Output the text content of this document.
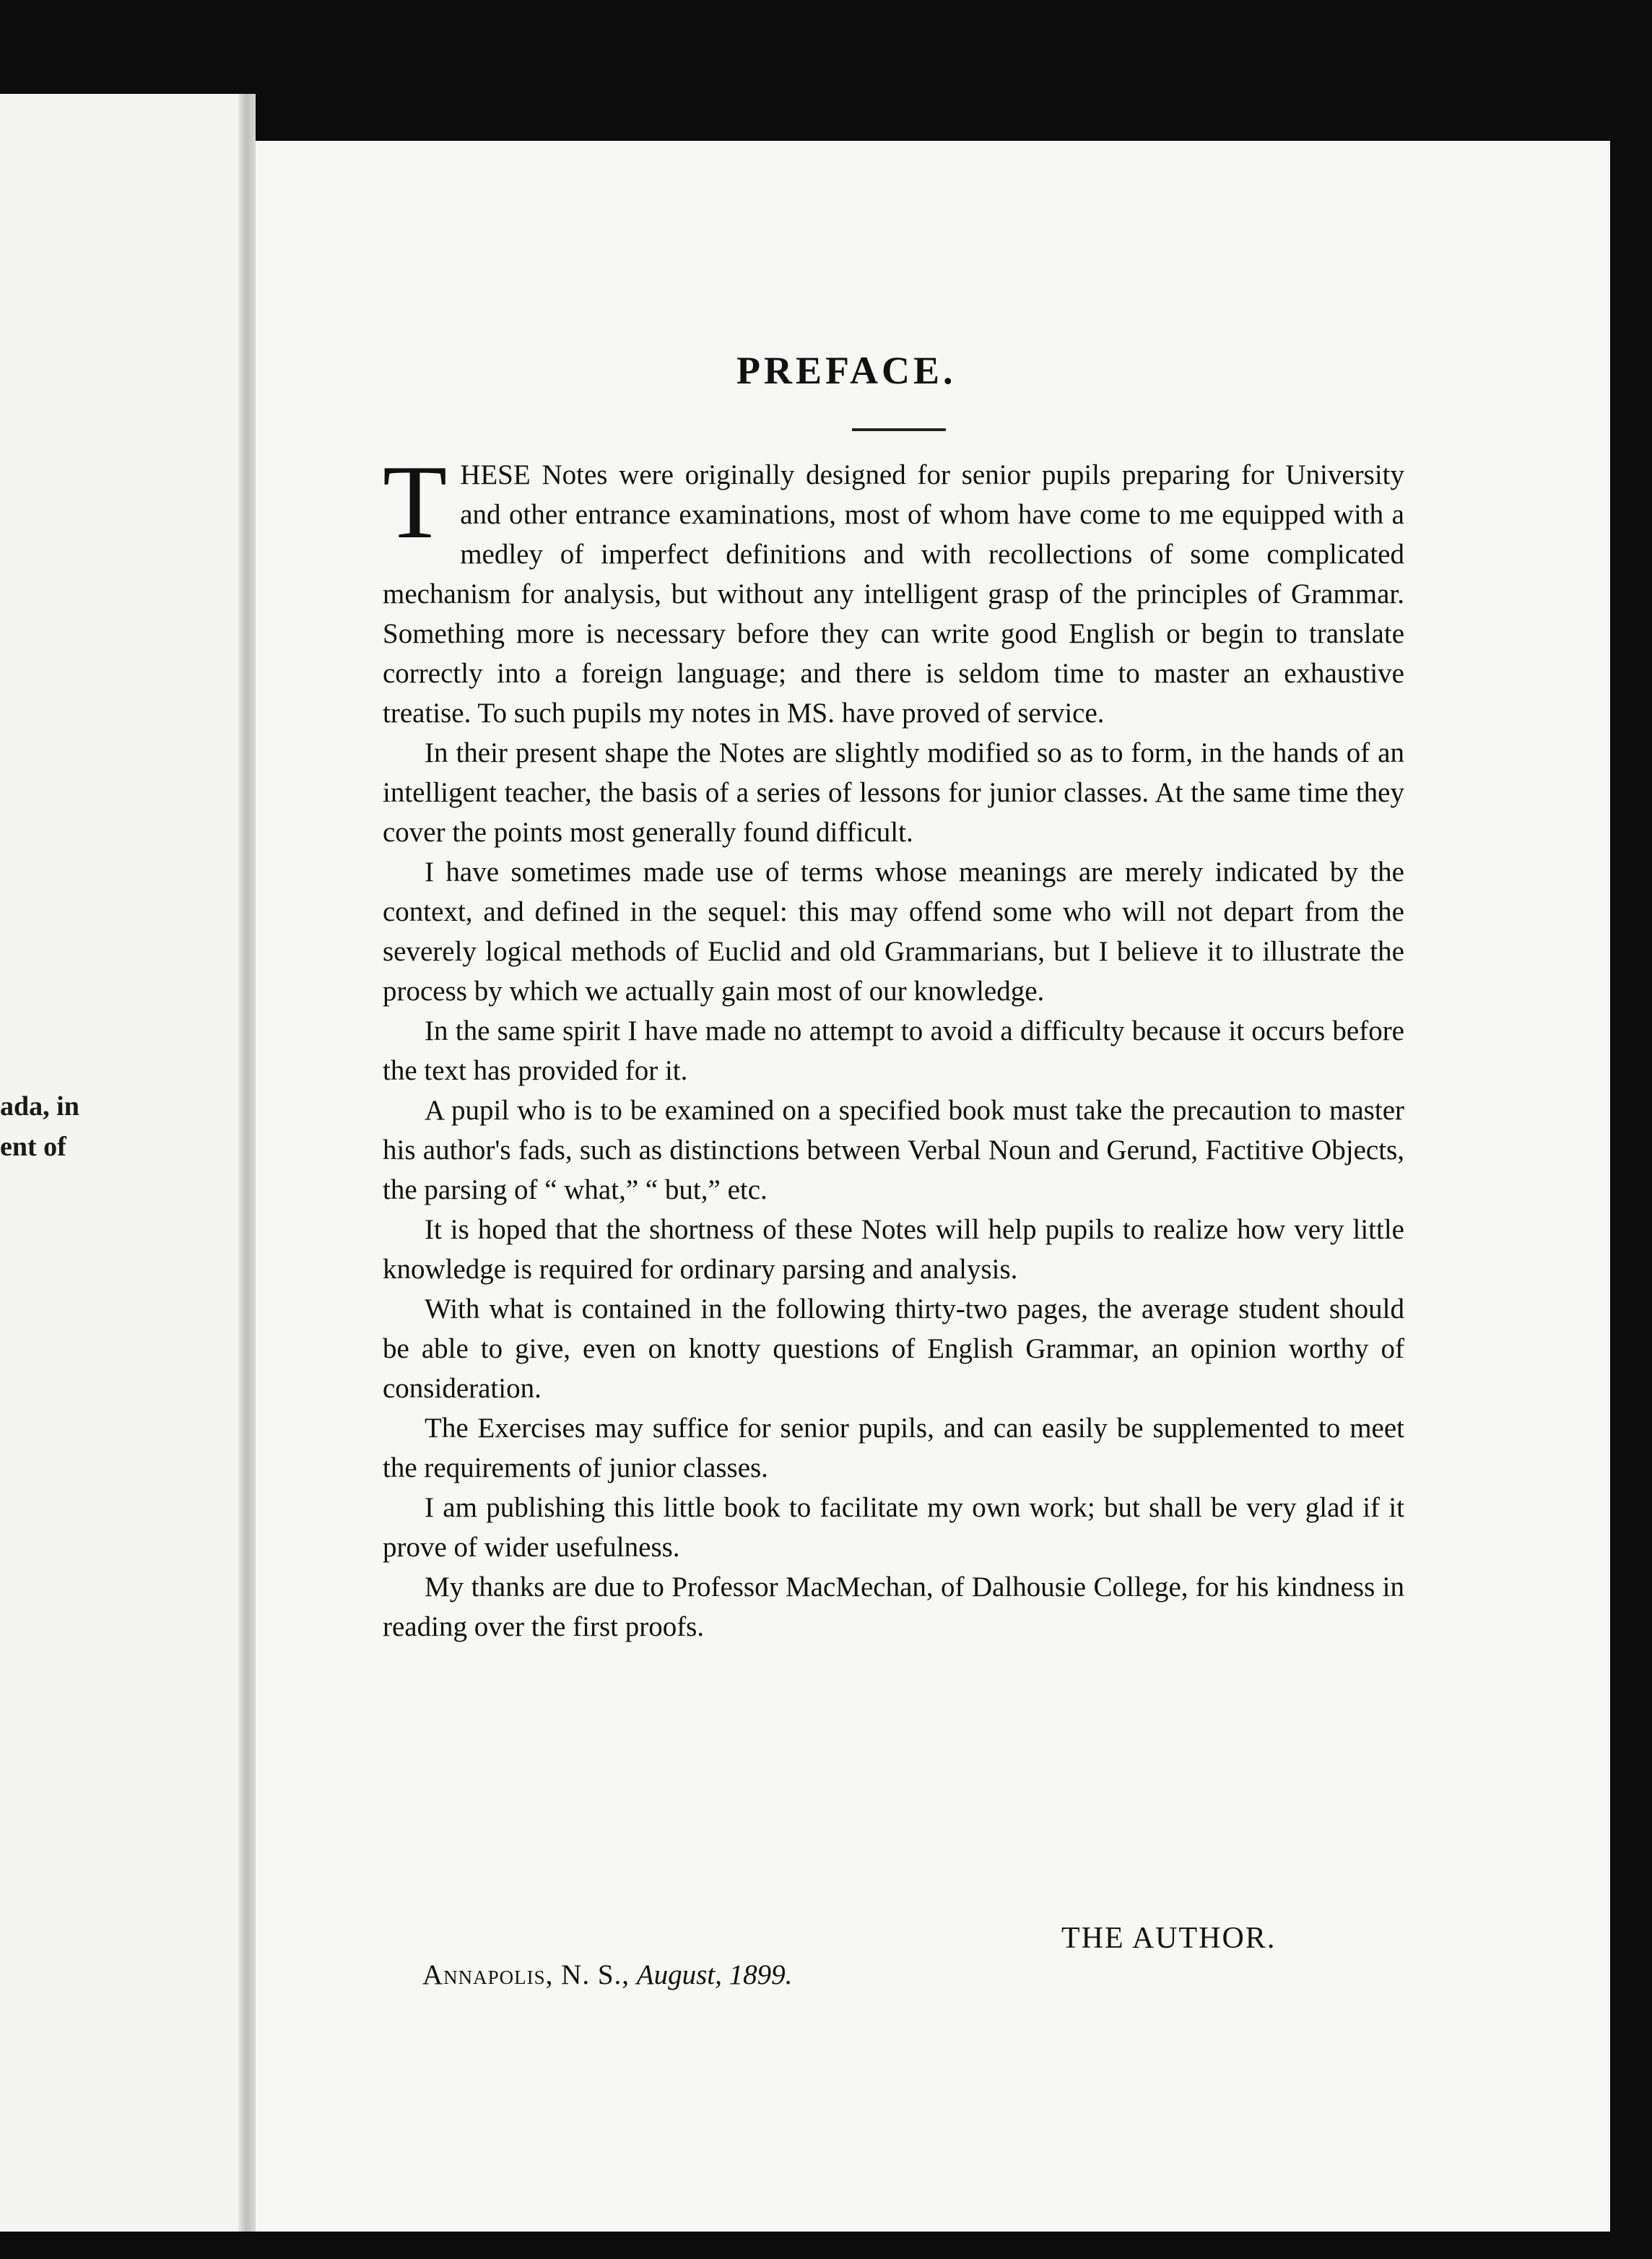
ada, in
ent of
PREFACE.

THESE Notes were originally designed for senior pupils preparing for University and other entrance examinations, most of whom have come to me equipped with a medley of imperfect definitions and with recollections of some complicated mechanism for analysis, but without any intelligent grasp of the principles of Grammar. Something more is necessary before they can write good English or begin to translate correctly into a foreign language; and there is seldom time to master an exhaustive treatise. To such pupils my notes in MS. have proved of service.

In their present shape the Notes are slightly modified so as to form, in the hands of an intelligent teacher, the basis of a series of lessons for junior classes. At the same time they cover the points most generally found difficult.

I have sometimes made use of terms whose meanings are merely indicated by the context, and defined in the sequel: this may offend some who will not depart from the severely logical methods of Euclid and old Grammarians, but I believe it to illustrate the process by which we actually gain most of our knowledge.

In the same spirit I have made no attempt to avoid a difficulty because it occurs before the text has provided for it.

A pupil who is to be examined on a specified book must take the precaution to master his author's fads, such as distinctions between Verbal Noun and Gerund, Factitive Objects, the parsing of “ what,” “ but,” etc.

It is hoped that the shortness of these Notes will help pupils to realize how very little knowledge is required for ordinary parsing and analysis.

With what is contained in the following thirty-two pages, the average student should be able to give, even on knotty questions of English Grammar, an opinion worthy of consideration.

The Exercises may suffice for senior pupils, and can easily be supplemented to meet the requirements of junior classes.

I am publishing this little book to facilitate my own work; but shall be very glad if it prove of wider usefulness.

My thanks are due to Professor MacMechan, of Dalhousie College, for his kindness in reading over the first proofs.

THE AUTHOR.
Annapolis, N. S., August, 1899.
